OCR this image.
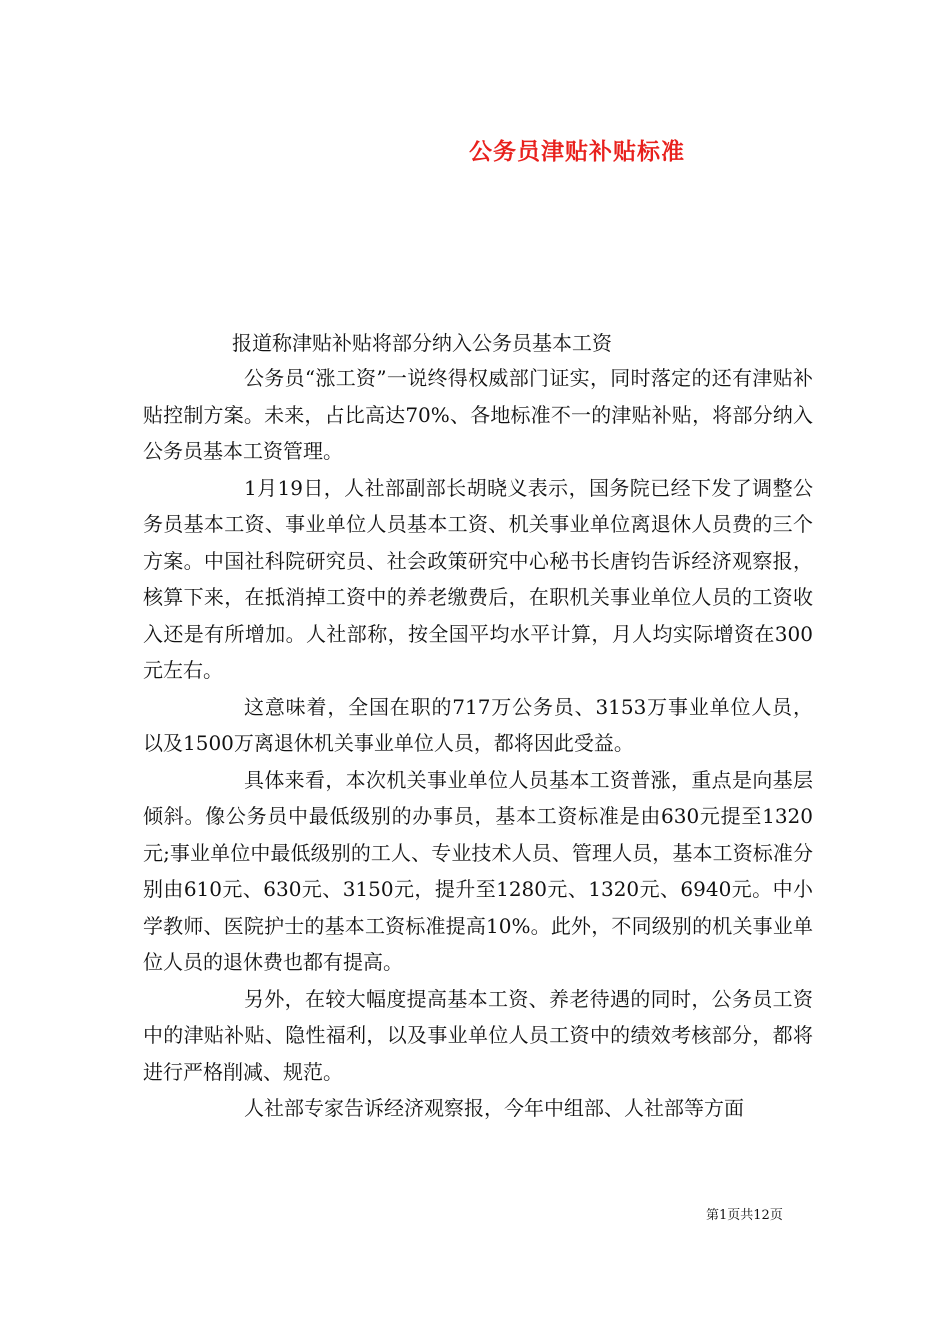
公务员津贴补贴标准
报道称津贴补贴将部分纳入公务员基本工资

公务员“涨工资”一说终得权威部门证实，同时落定的还有津贴补贴控制方案。未来，占比高达70%、各地标准不一的津贴补贴，将部分纳入公务员基本工资管理。

1月19日，人社部副部长胡晓义表示，国务院已经下发了调整公务员基本工资、事业单位人员基本工资、机关事业单位离退休人员费的三个方案。中国社科院研究员、社会政策研究中心秘书长唐钧告诉经济观察报，核算下来，在抵消掉工资中的养老缴费后，在职机关事业单位人员的工资收入还是有所增加。人社部称，按全国平均水平计算，月人均实际增资在300元左右。

这意味着，全国在职的717万公务员、3153万事业单位人员，以及1500万离退休机关事业单位人员，都将因此受益。

具体来看，本次机关事业单位人员基本工资普涨，重点是向基层倾斜。像公务员中最低级别的办事员，基本工资标准是由630元提至1320元;事业单位中最低级别的工人、专业技术人员、管理人员，基本工资标准分别由610元、630元、3150元，提升至1280元、1320元、6940元。中小学教师、医院护士的基本工资标准提高10%。此外，不同级别的机关事业单位人员的退休费也都有提高。

另外，在较大幅度提高基本工资、养老待遇的同时，公务员工资中的津贴补贴、隐性福利，以及事业单位人员工资中的绩效考核部分，都将进行严格削减、规范。

人社部专家告诉经济观察报，今年中组部、人社部等方面

第1页共12页
